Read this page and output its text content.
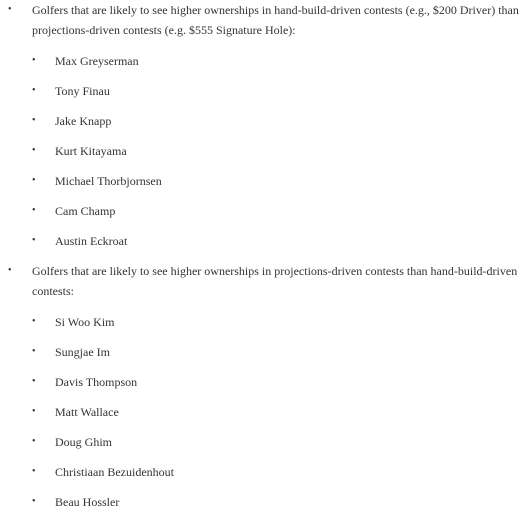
• Golfers that are likely to see higher ownerships in hand-build-driven contests (e.g., $200 Driver) than projections-driven contests (e.g. $555 Signature Hole):
• Max Greyserman
• Tony Finau
• Jake Knapp
• Kurt Kitayama
• Michael Thorbjornsen
• Cam Champ
• Austin Eckroat
• Golfers that are likely to see higher ownerships in projections-driven contests than hand-build-driven contests:
• Si Woo Kim
• Sungjae Im
• Davis Thompson
• Matt Wallace
• Doug Ghim
• Christiaan Bezuidenhout
• Beau Hossler
